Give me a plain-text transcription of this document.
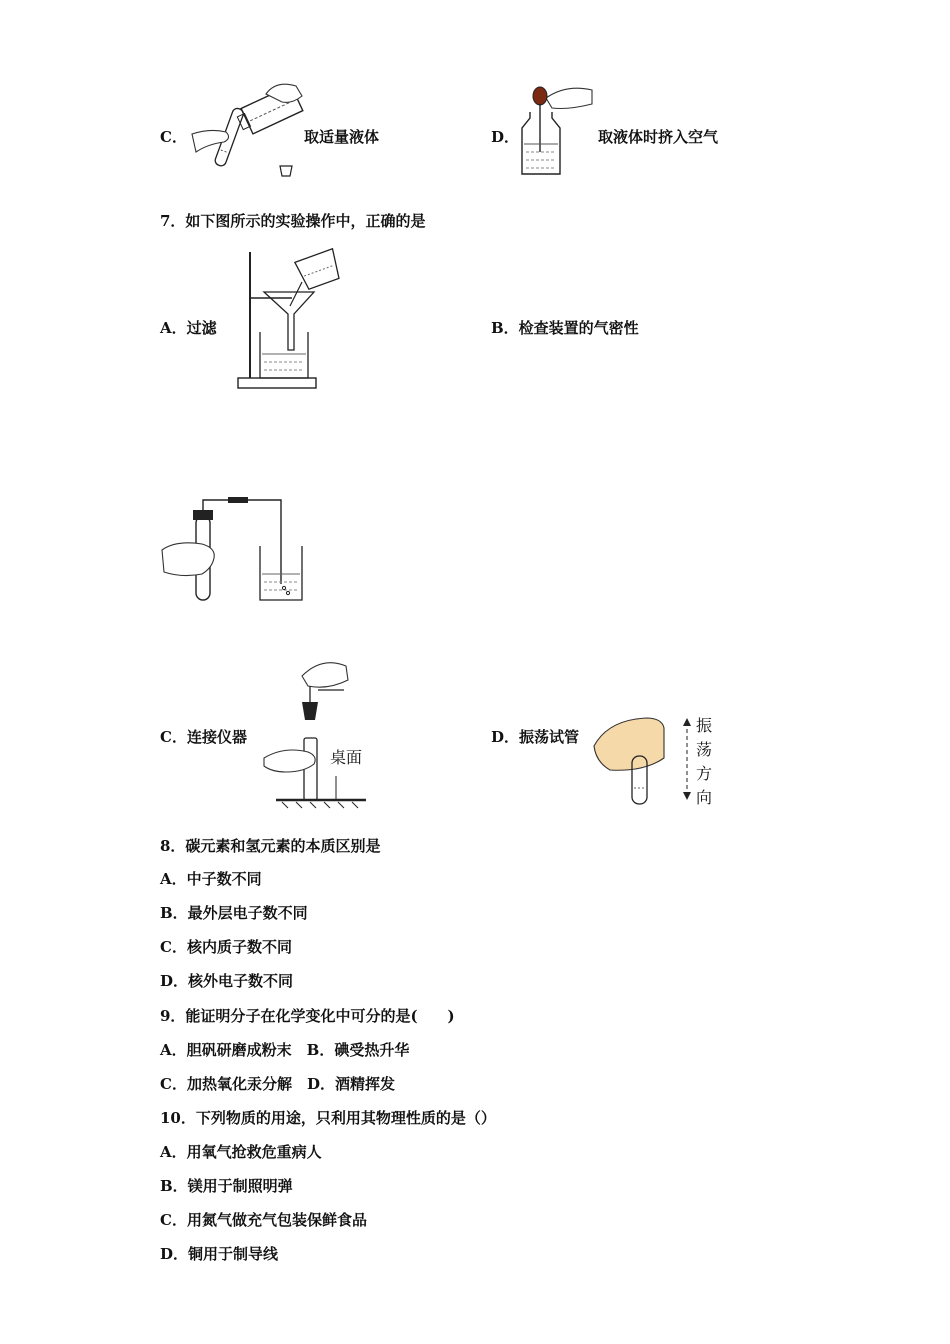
C．	取适量液体	D．	取液体时挤入空气
7．如下图所示的实验操作中，正确的是
A．过滤	B．检查装置的气密性
C．连接仪器
桌面
D．振荡试管
振
荡
方
向
8．碳元素和氢元素的本质区别是
A．中子数不同
B．最外层电子数不同
C．核内质子数不同
D．核外电子数不同
9．能证明分子在化学变化中可分的是(　　)
A．胆矾研磨成粉末　B．碘受热升华
C．加热氧化汞分解　D．酒精挥发
10．下列物质的用途，只利用其物理性质的是（）
A．用氧气抢救危重病人
B．镁用于制照明弹
C．用氮气做充气包装保鲜食品
D．铜用于制导线
